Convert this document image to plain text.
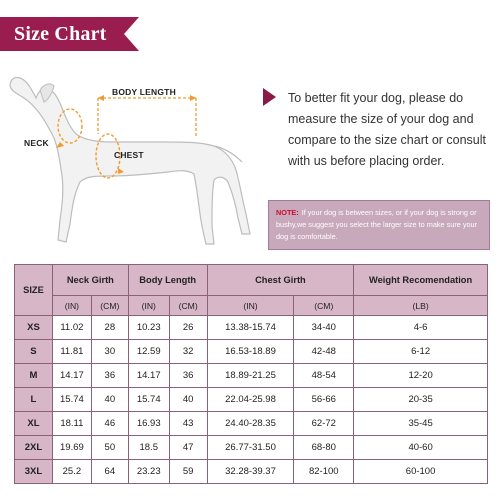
Size Chart
BODY LENGTH
NECK
CHEST
To better fit your dog, please do measure the size of your dog and compare to the size chart or consult with us before placing order.
NOTE: If your dog is between sizes, or if your dog is strong or bushy,we suggest you select the larger size to make sure your dog is comfortable.
SIZE	Neck Girth		Body Length		Chest Girth		Weight Recomendation
	(IN)	(CM)	(IN)	(CM)	(IN)	(CM)	(LB)
XS	11.02	28	10.23	26	13.38-15.74	34-40	4-6
S	11.81	30	12.59	32	16.53-18.89	42-48	6-12
M	14.17	36	14.17	36	18.89-21.25	48-54	12-20
L	15.74	40	15.74	40	22.04-25.98	56-66	20-35
XL	18.11	46	16.93	43	24.40-28.35	62-72	35-45
2XL	19.69	50	18.5	47	26.77-31.50	68-80	40-60
3XL	25.2	64	23.23	59	32.28-39.37	82-100	60-100
